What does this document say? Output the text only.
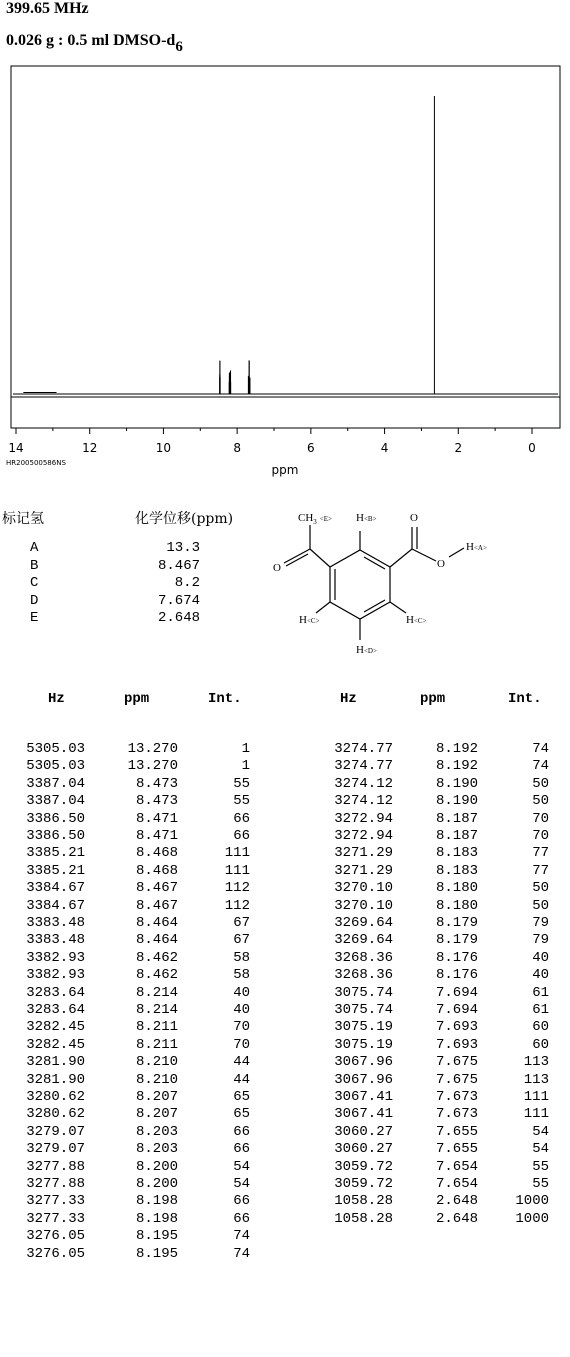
399.65 MHz
0.026 g : 0.5 ml DMSO-$d_6$
14	12	10	8	6	4	2	0
ppm
HR200500586NS
标记氢	化学位移(ppm)
A	13.3
B	8.467
C	8.2
D	7.674
E	2.648
$CH_3$ $^{<E>}$ H<B>	O
H<A>
O	O
H<C>	H<C>
H<D>
Hz	ppm	Int.	Hz	ppm	Int.
5305.03	13.270	1
5305.03	13.270	1
3387.04	8.473	55
3387.04	8.473	55
3386.50	8.471	66
3386.50	8.471	66
3385.21	8.468	111
3385.21	8.468	111
3384.67	8.467	112
3384.67	8.467	112
3383.48	8.464	67
3383.48	8.464	67
3382.93	8.462	58
3382.93	8.462	58
3283.64	8.214	40
3283.64	8.214	40
3282.45	8.211	70
3282.45	8.211	70
3281.90	8.210	44
3281.90	8.210	44
3280.62	8.207	65
3280.62	8.207	65
3279.07	8.203	66
3279.07	8.203	66
3277.88	8.200	54
3277.88	8.200	54
3277.33	8.198	66
3277.33	8.198	66
3276.05	8.195	74
3276.05	8.195	74
3274.77	8.192	74
3274.77	8.192	74
3274.12	8.190	50
3274.12	8.190	50
3272.94	8.187	70
3272.94	8.187	70
3271.29	8.183	77
3271.29	8.183	77
3270.10	8.180	50
3270.10	8.180	50
3269.64	8.179	79
3269.64	8.179	79
3268.36	8.176	40
3268.36	8.176	40
3075.74	7.694	61
3075.74	7.694	61
3075.19	7.693	60
3075.19	7.693	60
3067.96	7.675	113
3067.96	7.675	113
3067.41	7.673	111
3067.41	7.673	111
3060.27	7.655	54
3060.27	7.655	54
3059.72	7.654	55
3059.72	7.654	55
1058.28	2.648	1000
1058.28	2.648	1000
